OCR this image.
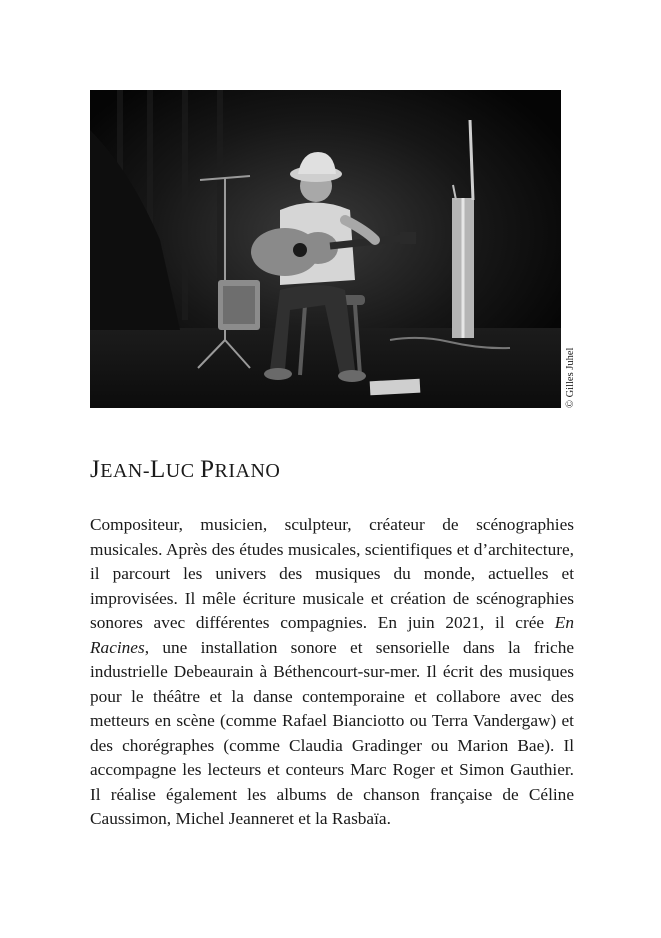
© Gilles Juhel
JEAN-LUC PRIANO

Compositeur, musicien, sculpteur, créateur de scénographies musicales. Après des études musicales, scientifiques et d’architecture, il parcourt les univers des musiques du monde, actuelles et improvisées. Il mêle écriture musicale et création de scénographies sonores avec différentes compagnies. En juin 2021, il crée En Racines, une installation sonore et sensorielle dans la friche industrielle Debeaurain à Béthencourt-sur-mer. Il écrit des musiques pour le théâtre et la danse contemporaine et collabore avec des metteurs en scène (comme Rafael Bianciotto ou Terra Vandergaw) et des chorégraphes (comme Claudia Gradinger ou Marion Bae). Il accompagne les lecteurs et conteurs Marc Roger et Simon Gauthier. Il réalise également les albums de chanson française de Céline Caussimon, Michel Jeanneret et la Rasbaïa.
